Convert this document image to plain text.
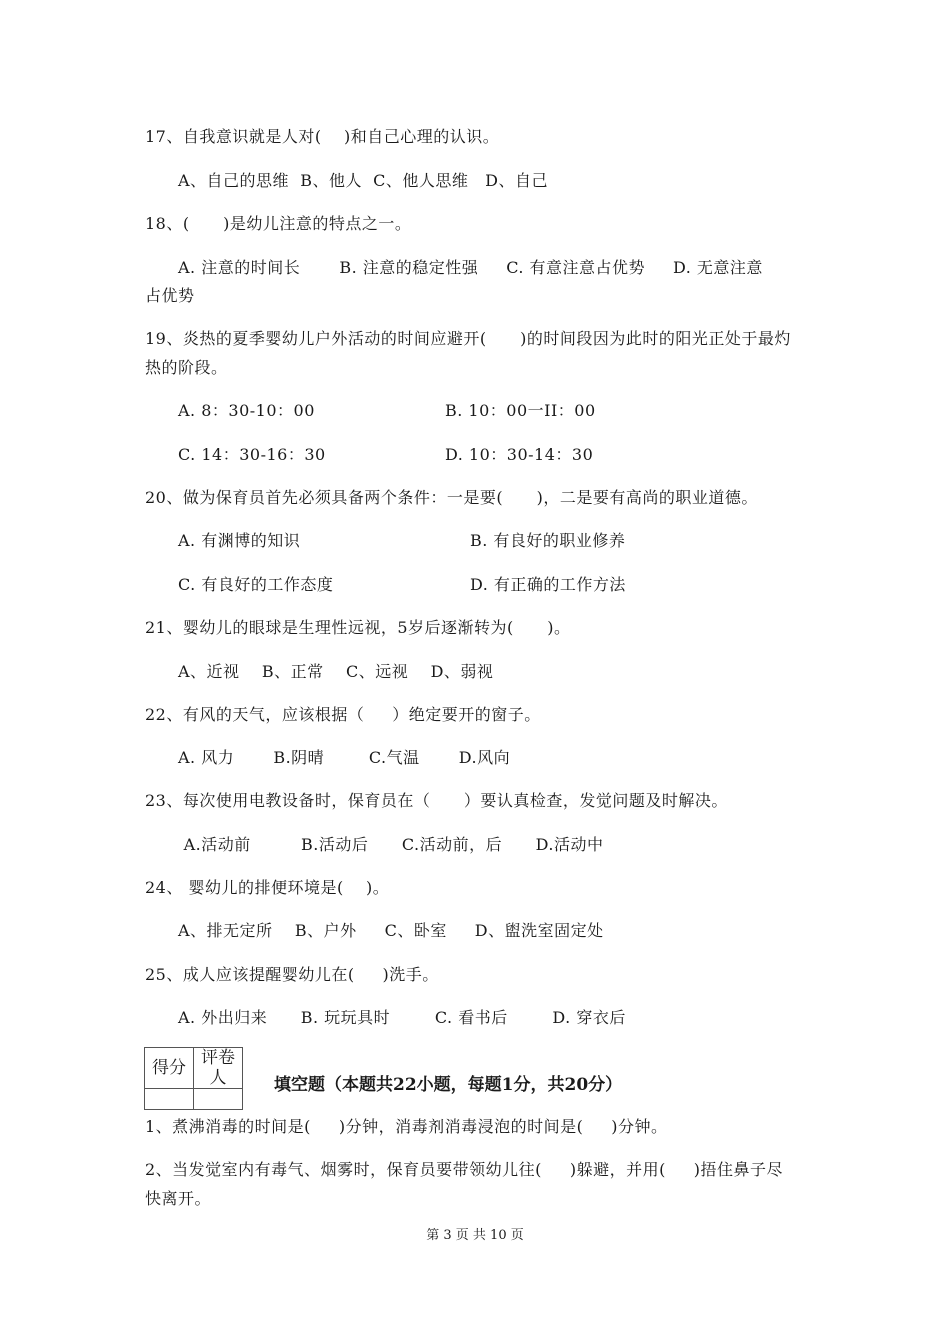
17、自我意识就是人对(    )和自己心理的认识。
A、自己的思维  B、他人  C、他人思维   D、自己
18、(      )是幼儿注意的特点之一。
A. 注意的时间长       B. 注意的稳定性强     C. 有意注意占优势     D. 无意注意
占优势
19、炎热的夏季婴幼儿户外活动的时间应避开(      )的时间段因为此时的阳光正处于最灼
热的阶段。
A. 8：30-10：00	B. 10：00一II：00
C. 14：30-16：30	D. 10：30-14：30
20、做为保育员首先必须具备两个条件：一是要(      )，二是要有高尚的职业道德。
A. 有渊博的知识	B. 有良好的职业修养
C. 有良好的工作态度	D. 有正确的工作方法
21、婴幼儿的眼球是生理性远视，5岁后逐渐转为(      )。
A、近视    B、正常    C、远视    D、弱视
22、有风的天气，应该根据（     ）绝定要开的窗子。
A. 风力       B.阴晴        C.气温       D.风向
23、每次使用电教设备时，保育员在（      ）要认真检查，发觉问题及时解决。
A.活动前         B.活动后      C.活动前，后      D.活动中
24、 婴幼儿的排便环境是(    )。
A、排无定所    B、户外     C、卧室     D、盥洗室固定处
25、成人应该提醒婴幼儿在(     )洗手。
A. 外出归来      B. 玩玩具时        C. 看书后        D. 穿衣后
得分	评卷人
		填空题（本题共22小题，每题1分，共20分）
1、煮沸消毒的时间是(     )分钟，消毒剂消毒浸泡的时间是(     )分钟。
2、当发觉室内有毒气、烟雾时，保育员要带领幼儿往(     )躲避，并用(     )捂住鼻子尽
快离开。
第 3 页 共 10 页
